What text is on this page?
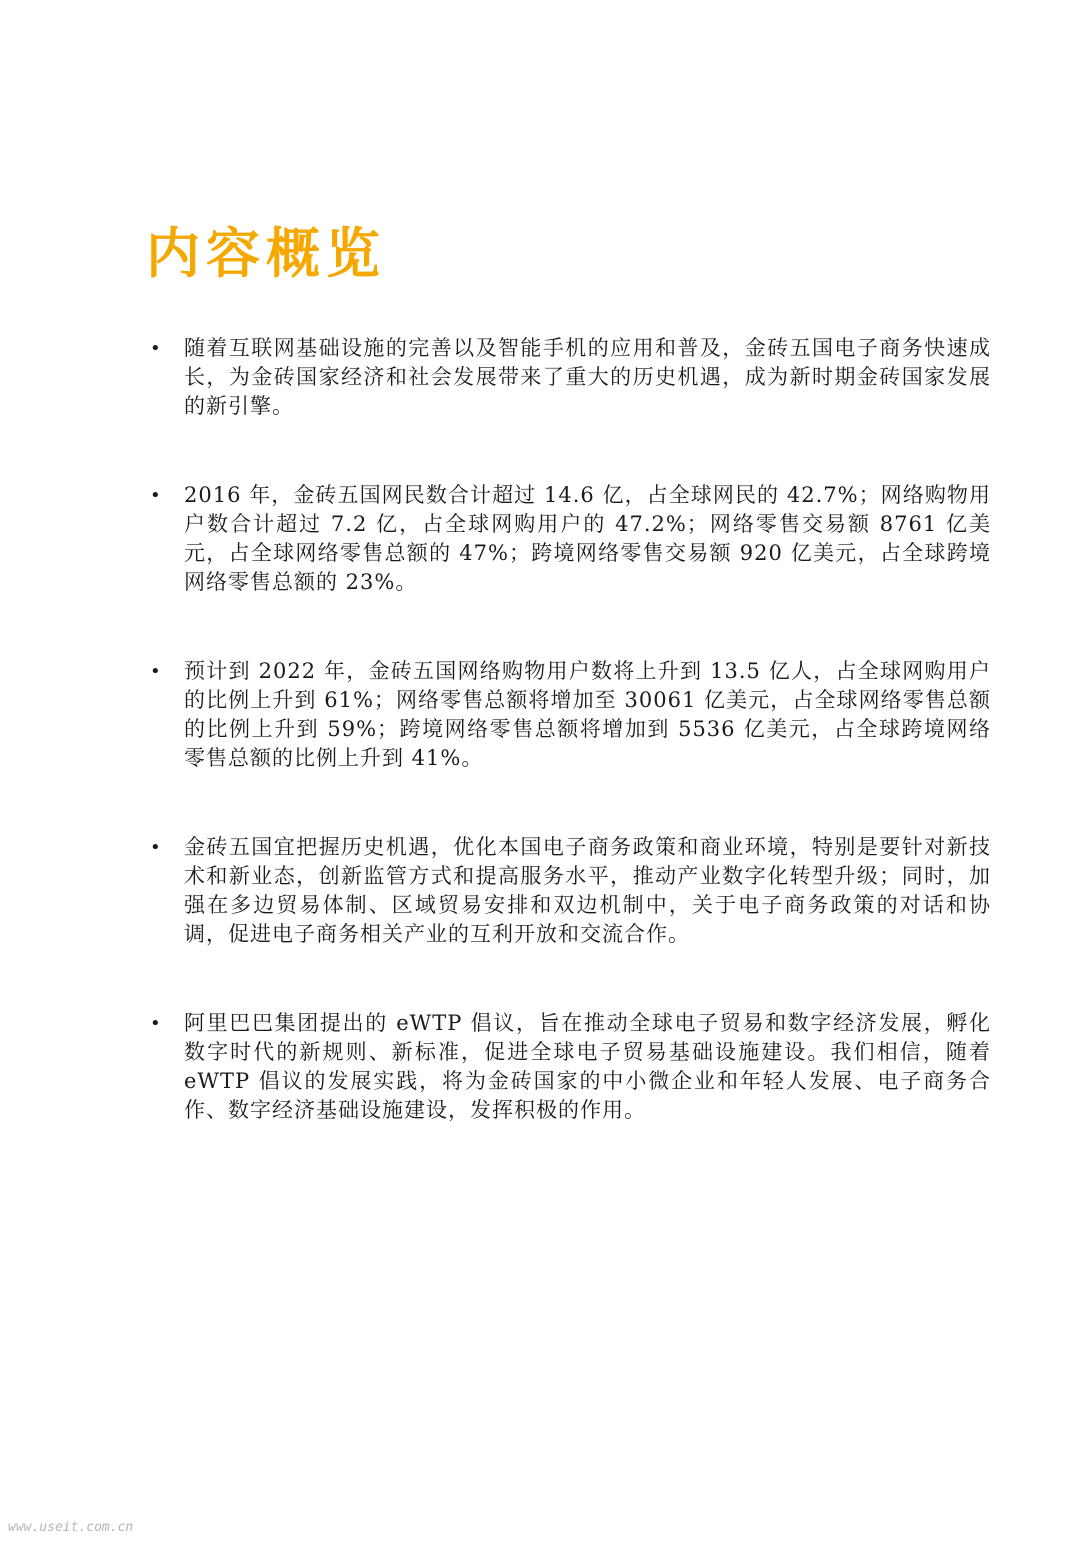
内容概览
• 随着互联网基础设施的完善以及智能手机的应用和普及，金砖五国电子商务快速成长，为金砖国家经济和社会发展带来了重大的历史机遇，成为新时期金砖国家发展的新引擎。
• 2016 年，金砖五国网民数合计超过 14.6 亿，占全球网民的 42.7%；网络购物用户数合计超过 7.2 亿，占全球网购用户的 47.2%；网络零售交易额 8761 亿美元，占全球网络零售总额的 47%；跨境网络零售交易额 920 亿美元，占全球跨境网络零售总额的 23%。
• 预计到 2022 年，金砖五国网络购物用户数将上升到 13.5 亿人，占全球网购用户的比例上升到 61%；网络零售总额将增加至 30061 亿美元，占全球网络零售总额的比例上升到 59%；跨境网络零售总额将增加到 5536 亿美元，占全球跨境网络零售总额的比例上升到 41%。
• 金砖五国宜把握历史机遇，优化本国电子商务政策和商业环境，特别是要针对新技术和新业态，创新监管方式和提高服务水平，推动产业数字化转型升级；同时，加强在多边贸易体制、区域贸易安排和双边机制中，关于电子商务政策的对话和协调，促进电子商务相关产业的互利开放和交流合作。
• 阿里巴巴集团提出的 eWTP 倡议，旨在推动全球电子贸易和数字经济发展，孵化数字时代的新规则、新标准，促进全球电子贸易基础设施建设。我们相信，随着 eWTP 倡议的发展实践，将为金砖国家的中小微企业和年轻人发展、电子商务合作、数字经济基础设施建设，发挥积极的作用。
www.useit.com.cn
